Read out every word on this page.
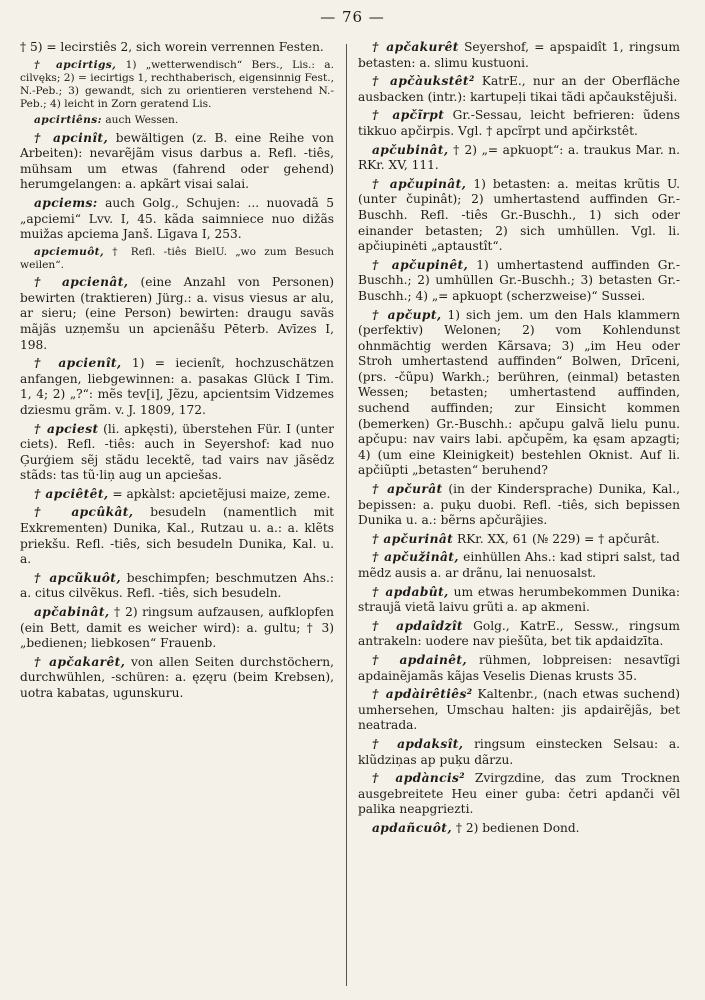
— 76 —

† 5) = lecirstiês 2, sich worein verrennen Festen.

† apcirtigs, 1) „wetterwendisch“ Bers., Lis.: a. cilvęks; 2) = iecirtigs 1, rechthaberisch, eigensinnig Fest., N.-Peb.; 3) gewandt, sich zu orientieren verstehend N.-Peb.; 4) leicht in Zorn geratend Lis.

apcirtiêns: auch Wessen.

† apcinît, bewältigen (z. B. eine Reihe von Arbeiten): nevarẽjãm visus darbus a. Refl. -tiês, mühsam um etwas (fahrend oder gehend) herumgelangen: a. apkãrt visai salai.

apciems: auch Golg., Schujen: ... nuovadã 5 „apciemi“ Lvv. I, 45. kãda saimniece nuo dižãs muižas apciema Janš. Līgava I, 253.

apciemuôt, † Refl. -tiês BielU. „wo zum Besuch weilen“.

† apcienât, (eine Anzahl von Personen) bewirten (traktieren) Jürg.: a. visus viesus ar alu, ar sieru; (eine Person) bewirten: draugu savãs mãjãs uzņemšu un apcienãšu Pēterb. Avīzes I, 198.

† apcienît, 1) = iecienît, hochzuschätzen anfangen, liebgewinnen: a. pasakas Glück I Tim. 1, 4; 2) „?“: mẽs tev[i], Jẽzu, apcientsim Vidzemes dziesmu grãm. v. J. 1809, 172.

† apciest (li. apkęsti), überstehen Für. I (unter ciets). Refl. -tiês: auch in Seyershof: kad nuo Ģurģiem sẽj stãdu lecektẽ, tad vairs nav jãsẽdz stãds: tas tũ·liņ aug un apciešas.

† apciêtêt, = apkàlst: apcietẽjusi maize, zeme.

† apcûkât, besudeln (namentlich mit Exkrementen) Dunika, Kal., Rutzau u. a.: a. klẽts priekšu. Refl. -tiês, sich besudeln Dunika, Kal. u. a.

† apcũkuôt, beschimpfen; beschmutzen Ahs.: a. citus cilvẽkus. Refl. -tiês, sich besudeln.

apčabinât, † 2) ringsum aufzausen, aufklopfen (ein Bett, damit es weicher wird): a. gultu; † 3) „bedienen; liebkosen“ Frauenb.

† apčakarêt, von allen Seiten durchstöchern, durchwühlen, -schüren: a. ęzęru (beim Krebsen), uotra kabatas, ugunskuru.

† apčakurêt Seyershof, = apspaidît 1, ringsum betasten: a. slimu kustuoni.

† apčàukstêt² KatrE., nur an der Oberfläche ausbacken (intr.): kartupeļi tikai tãdi apčaukstẽjuši.

† apčĩrpt Gr.-Sessau, leicht befrieren: ũdens tikkuo apčirpis. Vgl. † apcĩrpt und apčirkstêt.

apčubinât, † 2) „= apkuopt“: a. traukus Mar. n. RKr. XV, 111.

† apčupinât, 1) betasten: a. meitas krũtis U. (unter čupinât); 2) umhertastend auffinden Gr.-Buschh. Refl. -tiês Gr.-Buschh., 1) sich oder einander betasten; 2) sich umhüllen. Vgl. li. apčiupinėti „aptaustît“.

† apčupinêt, 1) umhertastend auffinden Gr.-Buschh.; 2) umhüllen Gr.-Buschh.; 3) betasten Gr.-Buschh.; 4) „= apkuopt (scherzweise)“ Sussei.

† apčupt, 1) sich jem. um den Hals klammern (perfektiv) Welonen; 2) vom Kohlendunst ohnmächtig werden Kãrsava; 3) „im Heu oder Stroh umhertastend auffinden“ Bolwen, Drīceni, (prs. -čũpu) Warkh.; berühren, (einmal) betasten Wessen; betasten; umhertastend auffinden, suchend auffinden; zur Einsicht kommen (bemerken) Gr.-Buschh.: apčupu galvã lielu punu. apčupu: nav vairs labi. apčupẽm, ka ęsam apzagti; 4) (um eine Kleinigkeit) bestehlen Oknist. Auf li. apčiũpti „betasten“ beruhend?

† apčurât (in der Kindersprache) Dunika, Kal., bepissen: a. puķu duobi. Refl. -tiês, sich bepissen Dunika u. a.: bẽrns apčurãjies.

† apčurinât RKr. XX, 61 (№ 229) = † apčurât.

† apčužinât, einhüllen Ahs.: kad stipri salst, tad mẽdz ausis a. ar drãnu, lai nenuosalst.

† apdabût, um etwas herumbekommen Dunika: straujã vietã laivu grũti a. ap akmeni.

† apdaîdzît Golg., KatrE., Sessw., ringsum antrakeln: uodere nav piešũta, bet tik apdaidzīta.

† apdainêt, rühmen, lobpreisen: nesavtĩgi apdainẽjamãs kãjas Veselis Dienas krusts 35.

† apdàirêtiês² Kaltenbr., (nach etwas suchend) umhersehen, Umschau halten: jis apdairẽjãs, bet neatrada.

† apdaksît, ringsum einstecken Selsau: a. klũdziņas ap puķu dãrzu.

† apdàncis² Zvirgzdine, das zum Trocknen ausgebreitete Heu einer guba: četri apdanči vẽl palika neapgriezti.

apdañcuôt, † 2) bedienen Dond.
